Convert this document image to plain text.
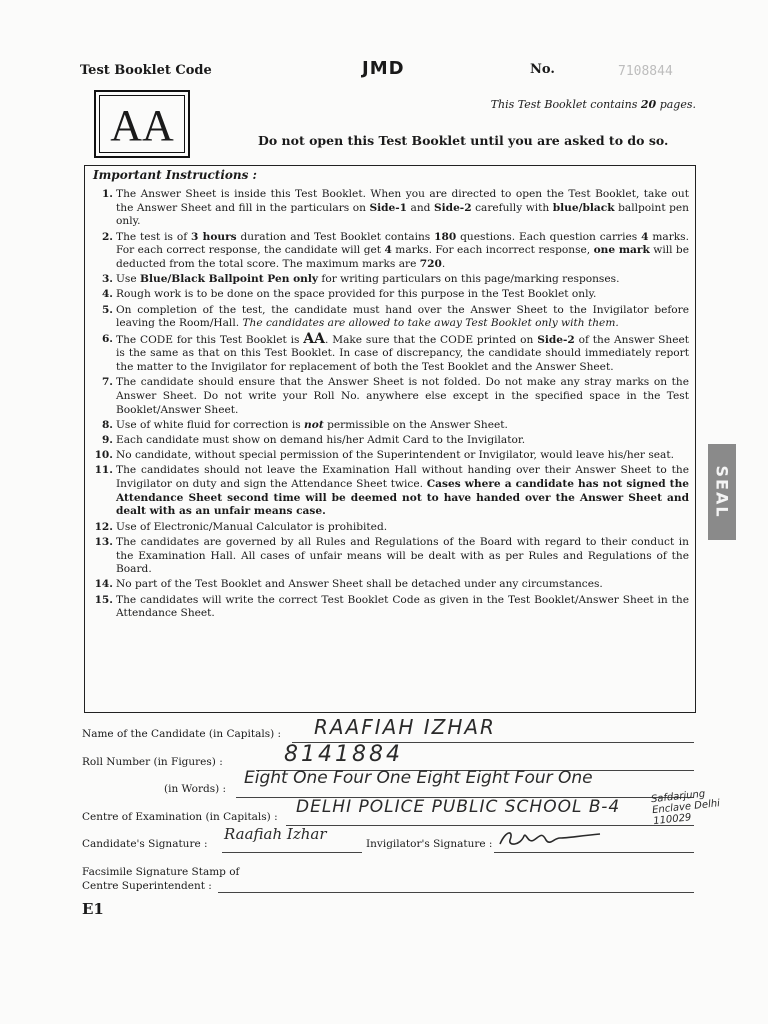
Test Booklet Code	JMD	No.	7108844
AA	This Test Booklet contains 20 pages.
Do not open this Test Booklet until you are asked to do so.
Important Instructions :
1. The Answer Sheet is inside this Test Booklet. When you are directed to open the Test Booklet, take out the Answer Sheet and fill in the particulars on Side-1 and Side-2 carefully with blue/black ballpoint pen only.
2. The test is of 3 hours duration and Test Booklet contains 180 questions. Each question carries 4 marks. For each correct response, the candidate will get 4 marks. For each incorrect response, one mark will be deducted from the total score. The maximum marks are 720.
3. Use Blue/Black Ballpoint Pen only for writing particulars on this page/marking responses.
4. Rough work is to be done on the space provided for this purpose in the Test Booklet only.
5. On completion of the test, the candidate must hand over the Answer Sheet to the Invigilator before leaving the Room/Hall. The candidates are allowed to take away Test Booklet only with them.
6. The CODE for this Test Booklet is AA. Make sure that the CODE printed on Side-2 of the Answer Sheet is the same as that on this Test Booklet. In case of discrepancy, the candidate should immediately report the matter to the Invigilator for replacement of both the Test Booklet and the Answer Sheet.
7. The candidate should ensure that the Answer Sheet is not folded. Do not make any stray marks on the Answer Sheet. Do not write your Roll No. anywhere else except in the specified space in the Test Booklet/Answer Sheet.
8. Use of white fluid for correction is not permissible on the Answer Sheet.
9. Each candidate must show on demand his/her Admit Card to the Invigilator.
10. No candidate, without special permission of the Superintendent or Invigilator, would leave his/her seat.
11. The candidates should not leave the Examination Hall without handing over their Answer Sheet to the Invigilator on duty and sign the Attendance Sheet twice. Cases where a candidate has not signed the Attendance Sheet second time will be deemed not to have handed over the Answer Sheet and dealt with as an unfair means case.
12. Use of Electronic/Manual Calculator is prohibited.
13. The candidates are governed by all Rules and Regulations of the Board with regard to their conduct in the Examination Hall. All cases of unfair means will be dealt with as per Rules and Regulations of the Board.
14. No part of the Test Booklet and Answer Sheet shall be detached under any circumstances.
15. The candidates will write the correct Test Booklet Code as given in the Test Booklet/Answer Sheet in the Attendance Sheet.
SEAL
Name of the Candidate (in Capitals) : RAAFIAH IZHAR
Roll Number (in Figures) :	8141884
(in Words) :
Eight One Four One Eight Eight Four One
Centre of Examination (in Capitals) : DELHI POLICE PUBLIC SCHOOL B-4
Safdarjung Enclave Delhi 110029
Candidate's Signature :
Raafiah Izhar
Invigilator's Signature :
Facsimile Signature Stamp of
Centre Superintendent :
E1
